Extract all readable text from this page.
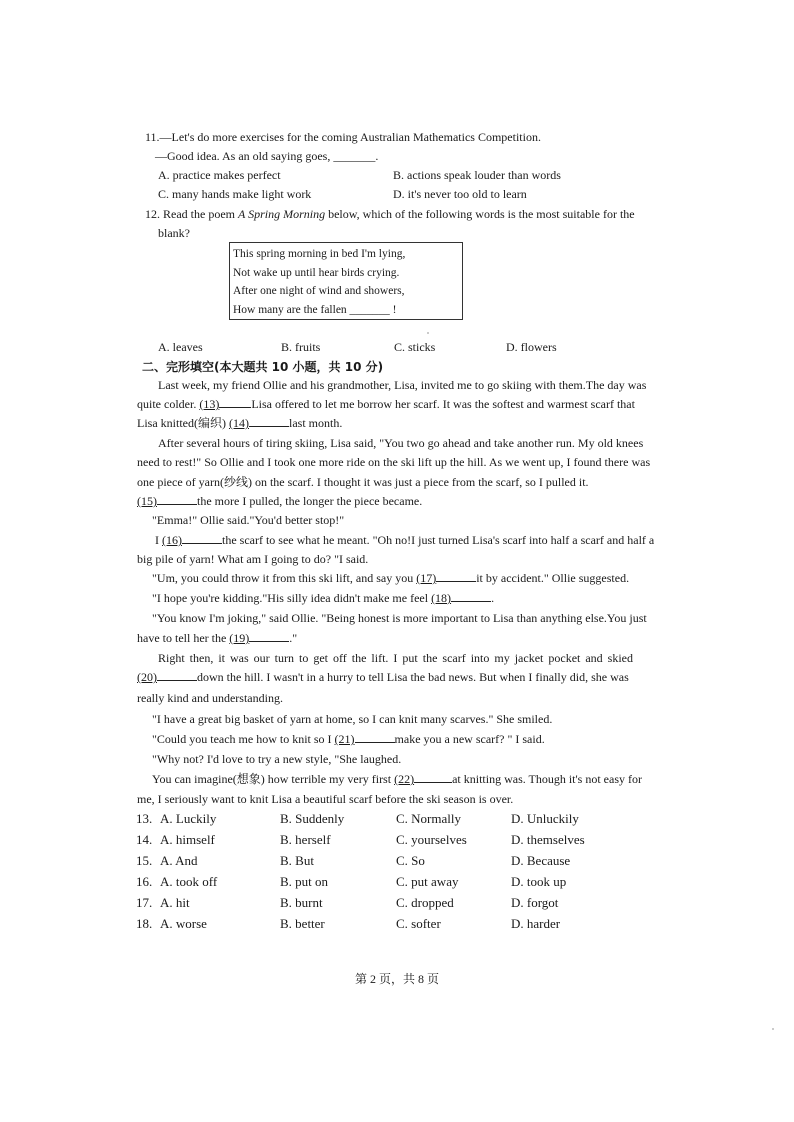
11.—Let's do more exercises for the coming Australian Mathematics Competition.
—Good idea. As an old saying goes, _______.
A. practice makes perfect	B. actions speak louder than words
C. many hands make light work	D. it's never too old to learn
12. Read the poem A Spring Morning below, which of the following words is the most suitable for the
blank?
This spring morning in bed I'm lying,
Not wake up until hear birds crying.
After one night of wind and showers,
How many are the fallen _______ !
A. leaves	B. fruits	C. sticks	D. flowers
二、完形填空(本大题共 10 小题，共 10 分)
Last week, my friend Ollie and his grandmother, Lisa, invited me to go skiing with them.The day was
quite colder. (13)	Lisa offered to let me borrow her scarf. It was the softest and warmest scarf that
Lisa knitted(编织) (14)	last month.
After several hours of tiring skiing, Lisa said, "You two go ahead and take another run. My old knees
need to rest!" So Ollie and I took one more ride on the ski lift up the hill. As we went up, I found there was
one piece of yarn(纱线) on the scarf. I thought it was just a piece from the scarf, so I pulled it.
(15)	the more I pulled, the longer the piece became.
"Emma!" Ollie said."You'd better stop!"
I (16)	the scarf to see what he meant. "Oh no!I just turned Lisa's scarf into half a scarf and half a
big pile of yarn! What am I going to do? "I said.
"Um, you could throw it from this ski lift, and say you (17)	it by accident." Ollie suggested.
"I hope you're kidding."His silly idea didn't make me feel (18)	.
"You know I'm joking," said Ollie. "Being honest is more important to Lisa than anything else.You just
have to tell her the (19)	."
Right then, it was our turn to get off the lift. I put the scarf into my jacket pocket and skied
(20)	down the hill. I wasn't in a hurry to tell Lisa the bad news. But when I finally did, she was
really kind and understanding.
"I have a great big basket of yarn at home, so I can knit many scarves." She smiled.
"Could you teach me how to knit so I (21)	make you a new scarf? " I said.
"Why not? I'd love to try a new style, "She laughed.
You can imagine(想象) how terrible my very first (22)	at knitting was. Though it's not easy for
me, I seriously want to knit Lisa a beautiful scarf before the ski season is over.
13. A. Luckily	B. Suddenly	C. Normally	D. Unluckily
14. A. himself	B. herself	C. yourselves	D. themselves
15. A. And	B. But	C. So	D. Because
16. A. took off	B. put on	C. put away	D. took up
17. A. hit	B. burnt	C. dropped	D. forgot
18. A. worse	B. better	C. softer	D. harder
第 2 页，共 8 页
